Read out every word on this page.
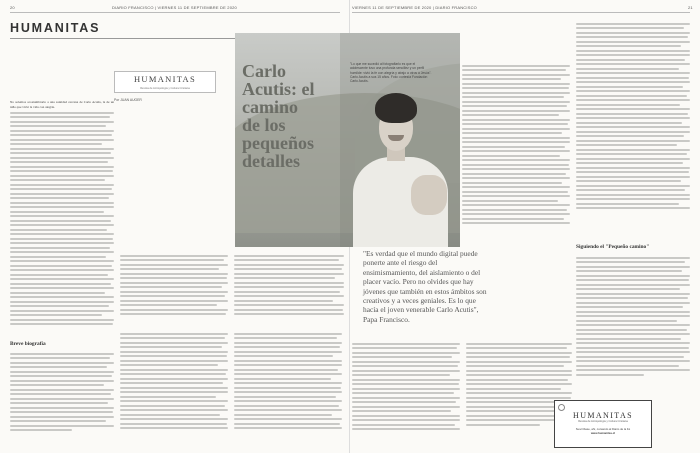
20	DIARIO FRANCISCO | VIERNES 11 DE SEPTIEMBRE DE 2020
HUMANITAS
No solemos acostumbrarlo a una santidad cercana de Carlo Acutis, la de un niño que vivió la vida con alegría.
Breve biografía
HUMANITAS
Revista de Antropología y Cultura Cristiana
Por JUAN AUGER
VIERNES 11 DE SEPTIEMBRE DE 2020 | DIARIO FRANCISCO	21
Siguiendo el "Pequeño camino"
Carlo
Acutis: el
camino
de los
pequeños
detalles
"Lo que me sucedió al fotografiarlo es que el adolescente tuvo una profunda sencillez y un perfil humilde: vivió la fe con alegría y atrajo a otros a Jesús". Carlo Acutis a sus 15 años. Foto: cortesía Fundación Carlo Acutis.
"Es verdad que el mundo digital puede ponerte ante el riesgo del ensimismamiento, del aislamiento o del placer vacío. Pero no olvides que hay jóvenes que también en estos ámbitos son creativos y a veces geniales. Es lo que hacía el joven venerable Carlo Acutis", Papa Francisco.
HUMANITAS
Revista de Antropología y Cultura Cristiana
Suscríbase, ahí, cursando al Diario de la Fé
www.humanitas.cl
